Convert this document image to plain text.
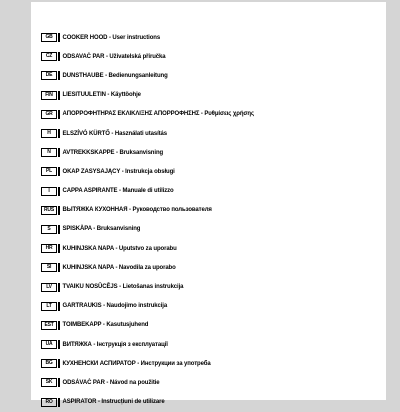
GB	COOKER HOOD - User instructions
CZ	ODSAVAČ PAR - Uživatelská příručka
DE	DUNSTHAUBE - Bedienungsanleitung
FIN	LIESITUULETIN - Käyttöohje
GR	ΑΠΟΡΡΟΦΗΤΗΡΑΣ ΕΚΛΙΚΛΙΞΗΣ ΑΠΟΡΡΟΦΗΣΗΣ - Ρυθμίσεις χρήσης
H	ELSZÍVÓ KÜRTŐ - Használati utasítás
N	AVTREKKSKAPPE - Bruksanvisning
PL	OKAP ZASYSAJĄCY - Instrukcja obsługi
I	CAPPA ASPIRANTE - Manuale di utilizzo
RUS	ВЫТЯЖКА КУХОННАЯ - Руководство пользователя
S	SPISKÅPA - Bruksanvisning
HR	KUHINJSKA NAPA - Uputstvo za uporabu
SI	KUHINJSKA NAPA - Navodila za uporabo
LV	TVAIKU NOSŪCĒJS - Lietošanas instrukcija
LT	GARTRAUKIS - Naudojimo instrukcija
EST	TOIMBEKAPP - Kasutusjuhend
UA	ВИТЯЖКА - Інструкція з експлуатації
BG	КУХНЕНСКИ АСПИРАТОР - Инструкции за употреба
SK	ODSÁVAČ PAR - Návod na použitie
RO	ASPIRATOR - Instrucțiuni de utilizare
